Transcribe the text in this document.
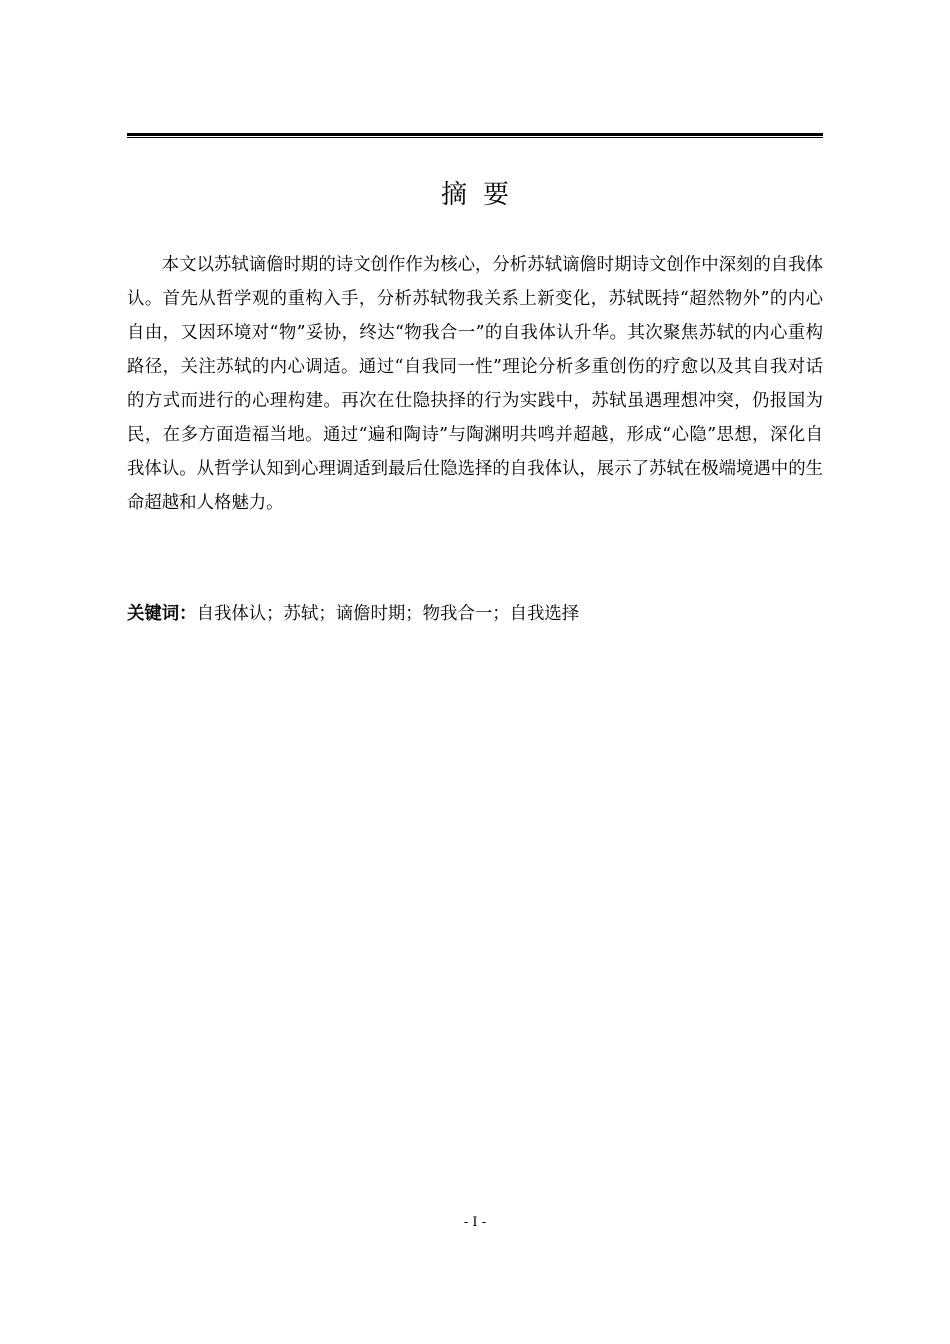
摘要

本文以苏轼谪儋时期的诗文创作作为核心，分析苏轼谪儋时期诗文创作中深刻的自我体认。首先从哲学观的重构入手，分析苏轼物我关系上新变化，苏轼既持“超然物外”的内心自由，又因环境对“物”妥协，终达“物我合一”的自我体认升华。其次聚焦苏轼的内心重构路径，关注苏轼的内心调适。通过“自我同一性”理论分析多重创伤的疗愈以及其自我对话的方式而进行的心理构建。再次在仕隐抉择的行为实践中，苏轼虽遇理想冲突，仍报国为民，在多方面造福当地。通过“遍和陶诗”与陶渊明共鸣并超越，形成“心隐”思想，深化自我体认。从哲学认知到心理调适到最后仕隐选择的自我体认，展示了苏轼在极端境遇中的生命超越和人格魅力。

关键词：自我体认；苏轼；谪儋时期；物我合一；自我选择
- I -
